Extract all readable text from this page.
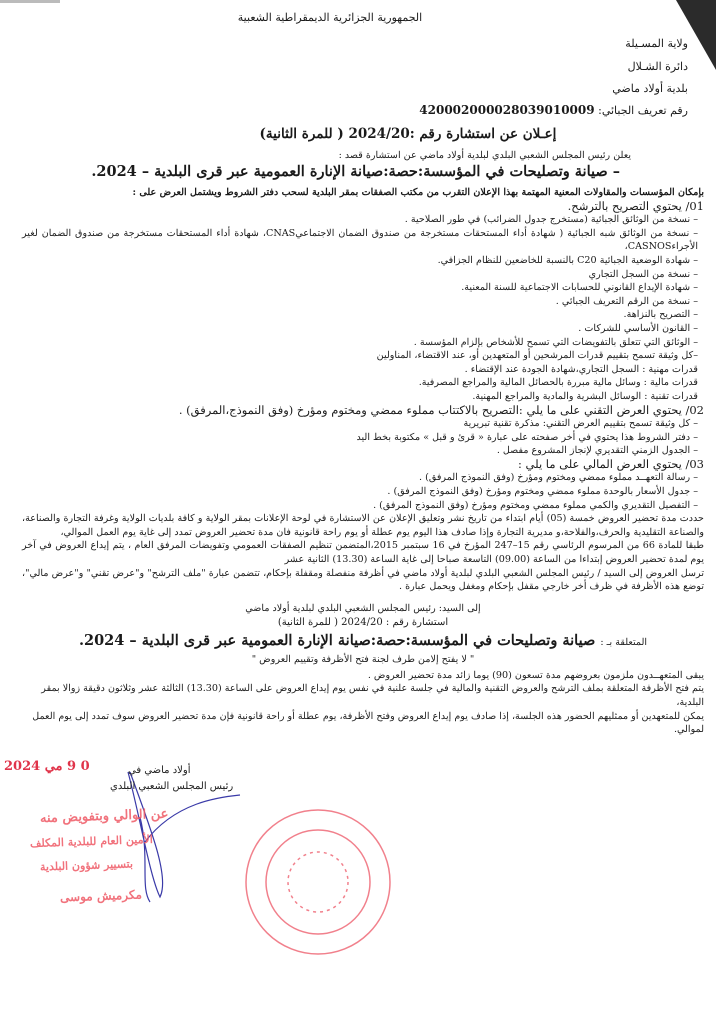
الجمهورية الجزائرية الديمقراطية الشعبية
ولاية المسـيلة
دائرة الشـلال
بلدية أولاد ماضي
رقم تعريف الجبائي: 420002000028039010009
إعـلان عن استشارة رقم :2024/20 ( للمرة الثانية)
يعلن رئيس المجلس الشعبي البلدي لبلدية أولاد ماضي عن استشارة قصد :
– صيانة وتصليحات في المؤسسة:حصة:صيانة الإنارة العمومية عبر قرى البلدية – 2024.
بإمكان المؤسسات والمقاولات المعنية المهتمة بهذا الإعلان التقرب من مكتب الصفقات بمقر البلدية لسحب دفتر الشروط ويشتمل العرض على :
01/ يحتوي التصريح بالترشح.
– نسخة من الوثائق الجبائية (مستخرج جدول الضرائب) في طور الصلاحية .
– نسخة من الوثائق شبه الجبائية ( شهادة أداء المستحقات مستخرجة من صندوق الضمان الاجتماعيCNAS، شهادة أداء المستحقات مستخرجة من صندوق الضمان لغير الأجراءCASNOS،
– شهادة الوضعية الجبائية C20 بالنسبة للخاضعين للنظام الجزافي.
– نسخة من السجل التجاري
– شهادة الإيداع القانوني للحسابات الاجتماعية للسنة المعنية.
– نسخة من الرقم التعريف الجبائي .
– التصريح بالنزاهة.
– القانون الأساسي للشركات .
– الوثائق التي تتعلق بالتفويضات التي تسمح للأشخاص بإلزام المؤسسة .
–كل وثيقة تسمح بتقييم قدرات المرشحين أو المتعهدين أو، عند الاقتضاء، المناولين
قدرات مهنية : السجل التجاري،شهادة الجودة عند الإقتضاء .
قدرات مالية : وسائل مالية مبررة بالحصائل المالية والمراجع المصرفية.
قدرات تقنية : الوسائل البشرية والمادية والمراجع المهنية.
02/ يحتوي العرض التقني على ما يلي :التصريح بالاكتتاب مملوء ممضي ومختوم ومؤرخ (وفق النموذج،المرفق) .
– كل وثيقة تسمح بتقييم العرض التقني: مذكرة تقنية تبريرية
– دفتر الشروط هذا يحتوي في أخر صفحته على عبارة « قرئ و قبل » مكتوبة بخط اليد
– الجدول الزمني التقديري لإنجاز المشروع مفصل .
03/ يحتوي العرض المالي على ما يلي :
– رسالة التعهــد مملوء ممضي ومختوم ومؤرخ (وفق النموذج المرفق) .
– جدول الأسعار بالوحدة مملوء ممضي ومختوم ومؤرخ (وفق النموذج المرفق) .
– التفصيل التقديري والكمي مملوء ممضي ومختوم ومؤرخ (وفق النموذج المرفق) .
حددت مدة تحضير العروض خمسة (05) أيام ابتداء من تاريخ نشر وتعليق الإعلان عن الاستشارة في لوحة الإعلانات بمقر الولاية و كافة بلديات الولاية وغرفة التجارة والصناعة، والصناعة التقليدية والحرف،والفلاحة،و مديرية التجارة وإذا صادف هذا اليوم يوم عطلة أو يوم راحة قانونية فان مدة تحضير العروض تمدد إلى غاية يوم العمل الموالي،
طبقا للمادة 66 من المرسوم الرئاسي رقم 15–247 المؤرخ في 16 سبتمبر 2015،المتضمن تنظيم الصفقات العمومي وتفويضات المرفق العام ، يتم إيداع العروض في آخر يوم لمدة تحضير العروض إبتداءا من الساعة (09.00) التاسعة صباحا إلى غاية الساعة (13.30) الثانية عشر
ترسل العروض إلى السيد / رئيس المجلس الشعبي البلدي لبلدية أولاد ماضي في أظرفة منفصلة ومقفلة بإحكام، تتضمن عبارة "ملف الترشح" و"عرض تقني" و"عرض مالي"، توضع هذه الأظرفة في ظرف أخر خارجي مقفل بإحكام ومغفل ويحمل عبارة .
إلى السيد: رئيس المجلس الشعبي البلدي لبلدية أولاد ماضي
استشارة رقم : 2024/20 ( للمرة الثانية)
المتعلقة بـ : صيانة وتصليحات في المؤسسة:حصة:صيانة الإنارة العمومية عبر قرى البلدية – 2024.
" لا يفتح إلامن طرف لجنة فتح الأظرفة وتقييم العروض "
يبقى المتعهــدون ملزمون بعروضهم مدة تسعون (90) يوما زائد مدة تحضير العروض .
يتم فتح الأظرفة المتعلقة بملف الترشح والعروض التقنية والمالية في جلسة علنية في نفس يوم إيداع العروض على الساعة (13.30) الثالثة عشر وثلاثون دقيقة زوالا بمقر البلدية،
يمكن للمتعهدين أو ممثليهم الحضور هذه الجلسة، إذا صادف يوم إيداع العروض وفتح الأظرفة، يوم عطلة أو راحة قانونية فإن مدة تحضير العروض سوف تمدد إلى يوم العمل لموالي.
0 9 مي 2024	أولاد ماضي في
رئيس المجلس الشعبي البلدي
عن الوالي وبتفويض منه
الأمين العام للبلدية المكلف
بتسيير شؤون البلدية
مكرميش موسى
